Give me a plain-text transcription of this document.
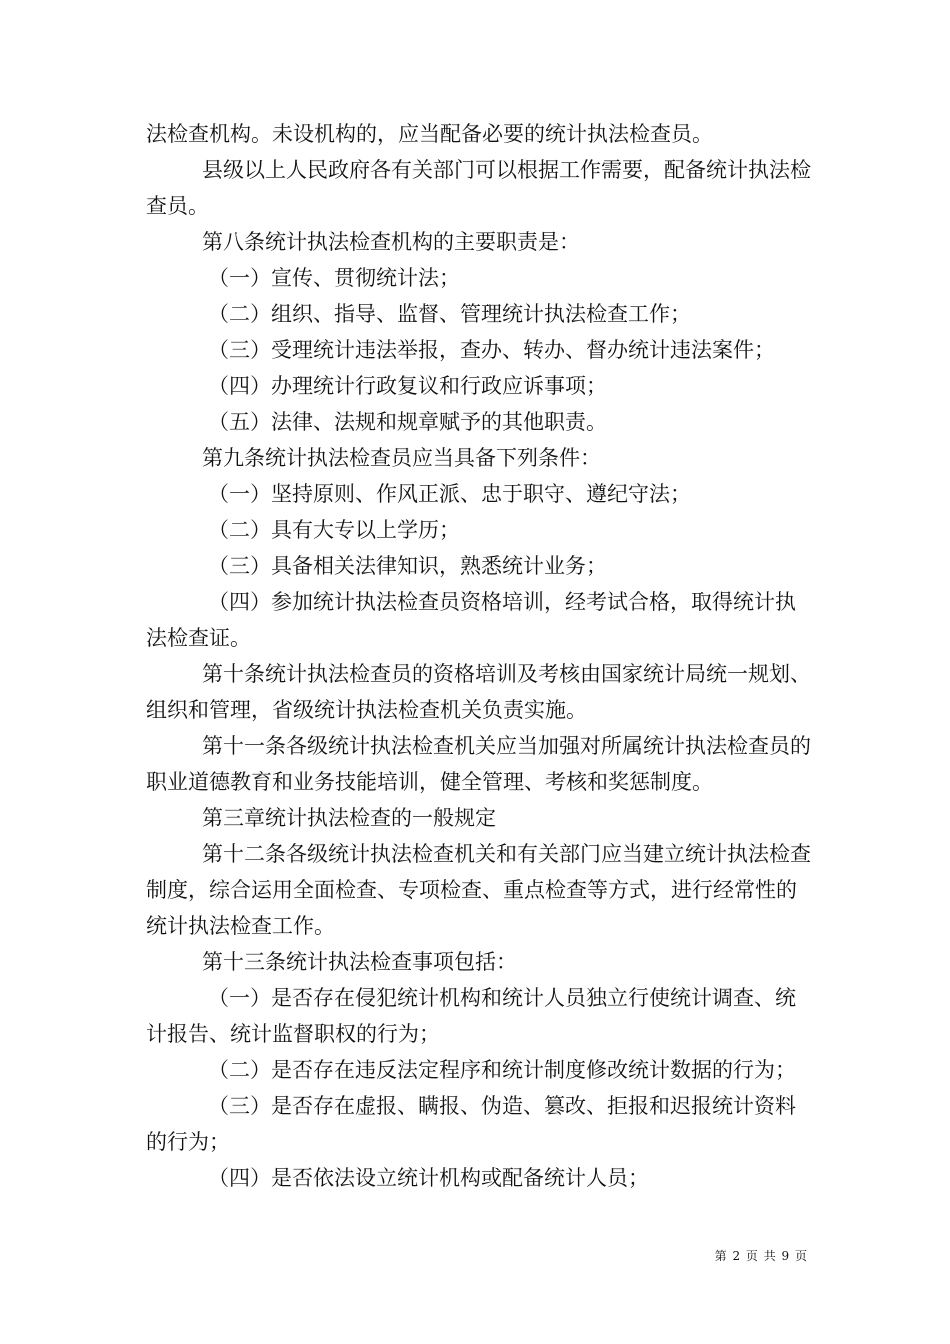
法检查机构。未设机构的，应当配备必要的统计执法检查员。

县级以上人民政府各有关部门可以根据工作需要，配备统计执法检查员。

第八条统计执法检查机构的主要职责是：

（一）宣传、贯彻统计法；

（二）组织、指导、监督、管理统计执法检查工作；

（三）受理统计违法举报，查办、转办、督办统计违法案件；

（四）办理统计行政复议和行政应诉事项；

（五）法律、法规和规章赋予的其他职责。

第九条统计执法检查员应当具备下列条件：

（一）坚持原则、作风正派、忠于职守、遵纪守法；

（二）具有大专以上学历；

（三）具备相关法律知识，熟悉统计业务；

（四）参加统计执法检查员资格培训，经考试合格，取得统计执法检查证。

第十条统计执法检查员的资格培训及考核由国家统计局统一规划、组织和管理，省级统计执法检查机关负责实施。

第十一条各级统计执法检查机关应当加强对所属统计执法检查员的职业道德教育和业务技能培训，健全管理、考核和奖惩制度。

第三章统计执法检查的一般规定

第十二条各级统计执法检查机关和有关部门应当建立统计执法检查制度，综合运用全面检查、专项检查、重点检查等方式，进行经常性的统计执法检查工作。

第十三条统计执法检查事项包括：

（一）是否存在侵犯统计机构和统计人员独立行使统计调查、统计报告、统计监督职权的行为；

（二）是否存在违反法定程序和统计制度修改统计数据的行为；

（三）是否存在虚报、瞒报、伪造、篡改、拒报和迟报统计资料的行为；

（四）是否依法设立统计机构或配备统计人员；

第 2 页 共 9 页
